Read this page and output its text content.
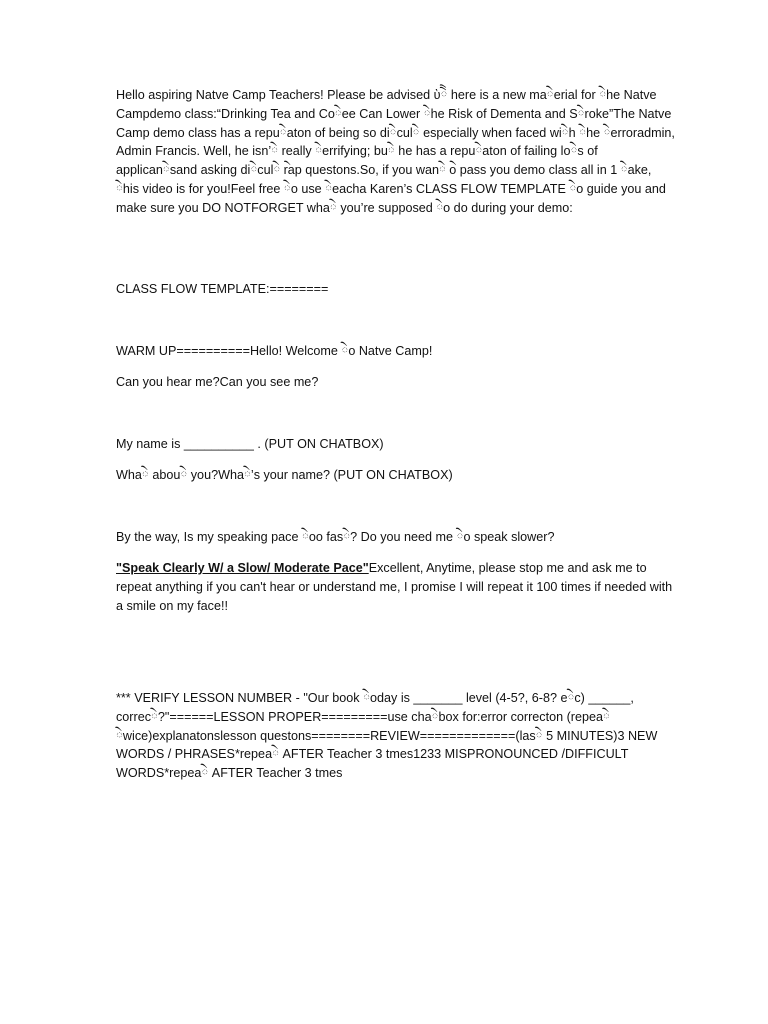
Hello aspiring Natve Camp Teachers! Please be advised ὺེེ here is a new maེerial for ེhe Natve Campdemo class:“Drinking Tea and Coེee Can Lower ེhe Risk of Dementa and Sེroke”The Natve Camp demo class has a repuེaton of being so diེculེ especially when faced wiེh ེhe ེerroradmin, Admin Francis. Well, he isn’ེ really ེerrifying; buེ he has a repuེaton of failing loེs of applicanེsand asking diེculེ ེrap questons.So, if you wanེ ེo pass you demo class all in 1 ེake, ེhis video is for you!Feel free ེo use ེeacha Karen’s CLASS FLOW TEMPLATE ེo guide you and make sure you DO NOTFORGET whaེ you’re supposed ེo do during your demo:
CLASS FLOW TEMPLATE:========
WARM UP==========Hello! Welcome ེo Natve Camp!
Can you hear me?Can you see me?
My name is __________ . (PUT ON CHATBOX)
Whaེ abouེ you?Whaེ’s your name? (PUT ON CHATBOX)
By the way, Is my speaking pace ེoo fasེ? Do you need me ེo speak slower?
"Speak Clearly W/ a Slow/ Moderate Pace"Excellent, Anytime, please stop me and ask me to repeat anything if you can't hear or understand me, I promise I will repeat it 100 times if needed with a smile on my face!!
*** VERIFY LESSON NUMBER - "Our book ེoday is _______ level (4-5?, 6-8? eེc) ______, correcེ?"======LESSON PROPER=========use chaེbox for:error correcton (repeaེ ེwice)explanatonslesson questons========REVIEW=============(lasེ 5 MINUTES)3 NEW WORDS / PHRASES*repeaེ AFTER Teacher 3 tmes1233 MISPRONOUNCED /DIFFICULT WORDS*repeaེ AFTER Teacher 3 tmes
